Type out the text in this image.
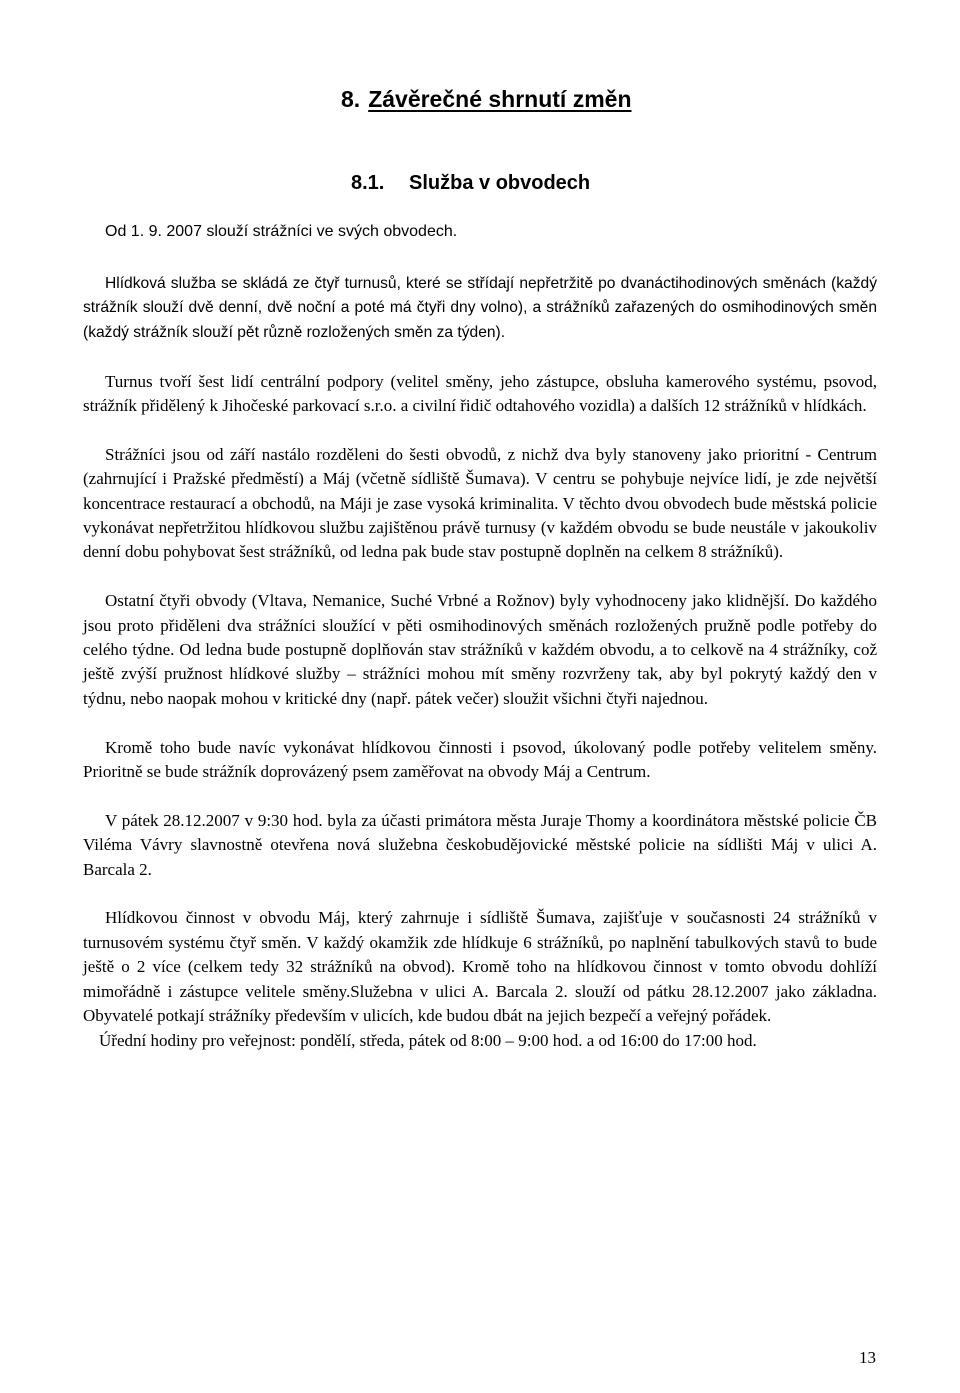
8. Závěrečné shrnutí změn
8.1. Služba v obvodech

Od 1. 9. 2007 slouží strážníci ve svých obvodech.

Hlídková služba se skládá ze čtyř turnusů, které se střídají nepřetržitě po dvanáctihodinových směnách (každý strážník slouží dvě denní, dvě noční a poté má čtyři dny volno), a strážníků zařazených do osmihodinových směn (každý strážník slouží pět různě rozložených směn za týden).

Turnus tvoří šest lidí centrální podpory (velitel směny, jeho zástupce, obsluha kamerového systému, psovod, strážník přidělený k Jihočeské parkovací s.r.o. a civilní řidič odtahového vozidla) a dalších 12 strážníků v hlídkách.

Strážníci jsou od září nastálo rozděleni do šesti obvodů, z nichž dva byly stanoveny jako prioritní - Centrum (zahrnující i Pražské předměstí) a Máj (včetně sídliště Šumava). V centru se pohybuje nejvíce lidí, je zde největší koncentrace restaurací a obchodů, na Máji je zase vysoká kriminalita. V těchto dvou obvodech bude městská policie vykonávat nepřetržitou hlídkovou službu zajištěnou právě turnusy (v každém obvodu se bude neustále v jakoukoliv denní dobu pohybovat šest strážníků, od ledna pak bude stav postupně doplněn na celkem 8 strážníků).

Ostatní čtyři obvody (Vltava, Nemanice, Suché Vrbné a Rožnov) byly vyhodnoceny jako klidnější. Do každého jsou proto přiděleni dva strážníci sloužící v pěti osmihodinových směnách rozložených pružně podle potřeby do celého týdne. Od ledna bude postupně doplňován stav strážníků v každém obvodu, a to celkově na 4 strážníky, což ještě zvýší pružnost hlídkové služby – strážníci mohou mít směny rozvrženy tak, aby byl pokrytý každý den v týdnu, nebo naopak mohou v kritické dny (např. pátek večer) sloužit všichni čtyři najednou.

Kromě toho bude navíc vykonávat hlídkovou činnosti i psovod, úkolovaný podle potřeby velitelem směny. Prioritně se bude strážník doprovázený psem zaměřovat na obvody Máj a Centrum.

V pátek 28.12.2007 v 9:30 hod. byla za účasti primátora města Juraje Thomy a koordinátora městské policie ČB Viléma Vávry slavnostně otevřena nová služebna českobudějovické městské policie na sídlišti Máj v ulici A. Barcala 2.

Hlídkovou činnost v obvodu Máj, který zahrnuje i sídliště Šumava, zajišťuje v současnosti 24 strážníků v turnusovém systému čtyř směn. V každý okamžik zde hlídkuje 6 strážníků, po naplnění tabulkových stavů to bude ještě o 2 více (celkem tedy 32 strážníků na obvod). Kromě toho na hlídkovou činnost v tomto obvodu dohlíží mimořádně i zástupce velitele směny.Služebna v ulici A. Barcala 2. slouží od pátku 28.12.2007 jako základna. Obyvatelé potkají strážníky především v ulicích, kde budou dbát na jejich bezpečí a veřejný pořádek.

Úřední hodiny pro veřejnost: pondělí, středa, pátek od 8:00 – 9:00 hod. a od 16:00 do 17:00 hod.

13
